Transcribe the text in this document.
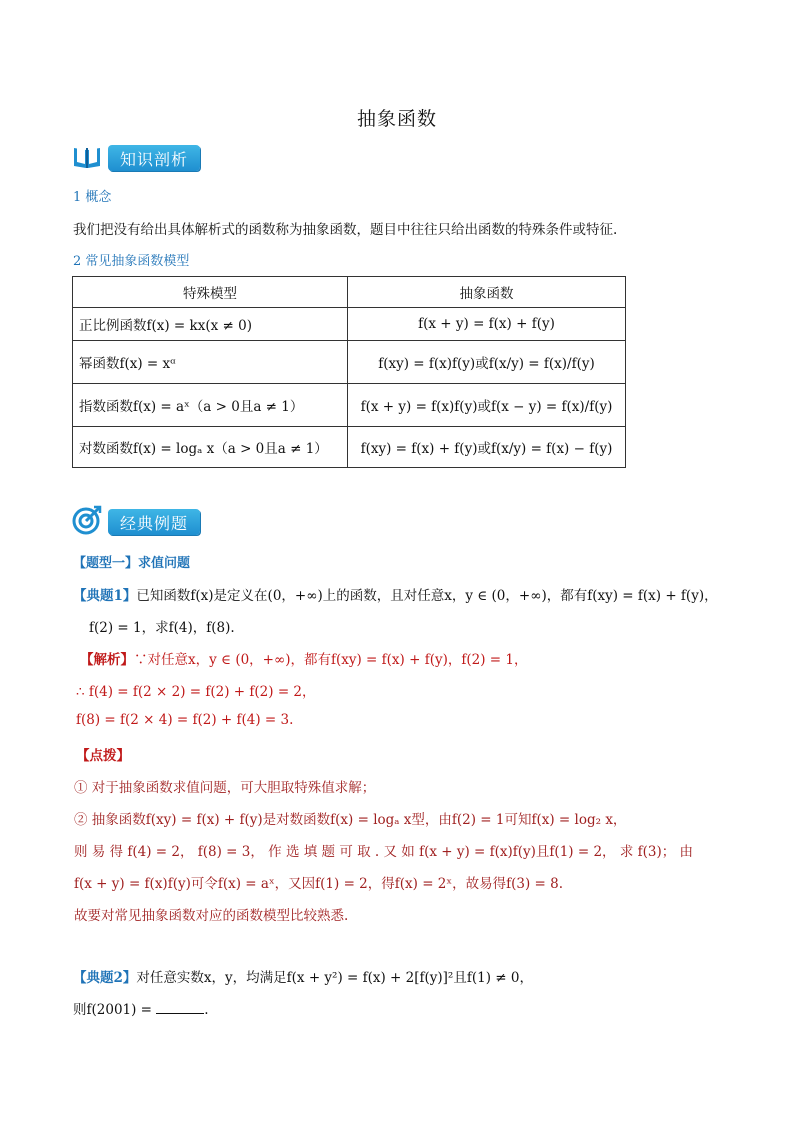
抽象函数
知识剖析
1 概念
我们把没有给出具体解析式的函数称为抽象函数，题目中往往只给出函数的特殊条件或特征.
2 常见抽象函数模型
特殊模型	抽象函数
正比例函数f(x) = kx(x ≠ 0)	f(x + y) = f(x) + f(y)
幂函数f(x) = xᵅ	f(xy) = f(x)f(y)或f(x/y) = f(x)/f(y)
指数函数f(x) = aˣ（a > 0且a ≠ 1）	f(x + y) = f(x)f(y)或f(x − y) = f(x)/f(y)
对数函数f(x) = logₐ x（a > 0且a ≠ 1）	f(xy) = f(x) + f(y)或f(x/y) = f(x) − f(y)
经典例题
【题型一】求值问题
【典题1】已知函数f(x)是定义在(0，+∞)上的函数，且对任意x，y ∈ (0，+∞)，都有f(xy) = f(x) + f(y)，
f(2) = 1，求f(4)，f(8).
【解析】∵对任意x，y ∈ (0，+∞)，都有f(xy) = f(x) + f(y)，f(2) = 1，
∴ f(4) = f(2 × 2) = f(2) + f(2) = 2，
f(8) = f(2 × 4) = f(2) + f(4) = 3.
【点拨】
① 对于抽象函数求值问题，可大胆取特殊值求解；
② 抽象函数f(xy) = f(x) + f(y)是对数函数f(x) = logₐ x型，由f(2) = 1可知f(x) = log₂ x，
则 易 得 f(4) = 2， f(8) = 3， 作 选 填 题 可 取 . 又 如 f(x + y) = f(x)f(y)且f(1) = 2， 求 f(3)； 由
f(x + y) = f(x)f(y)可令f(x) = aˣ，又因f(1) = 2，得f(x) = 2ˣ，故易得f(3) = 8.
故要对常见抽象函数对应的函数模型比较熟悉.
【典题2】对任意实数x，y，均满足f(x + y²) = f(x) + 2[f(y)]²且f(1) ≠ 0，
则f(2001) =	.
